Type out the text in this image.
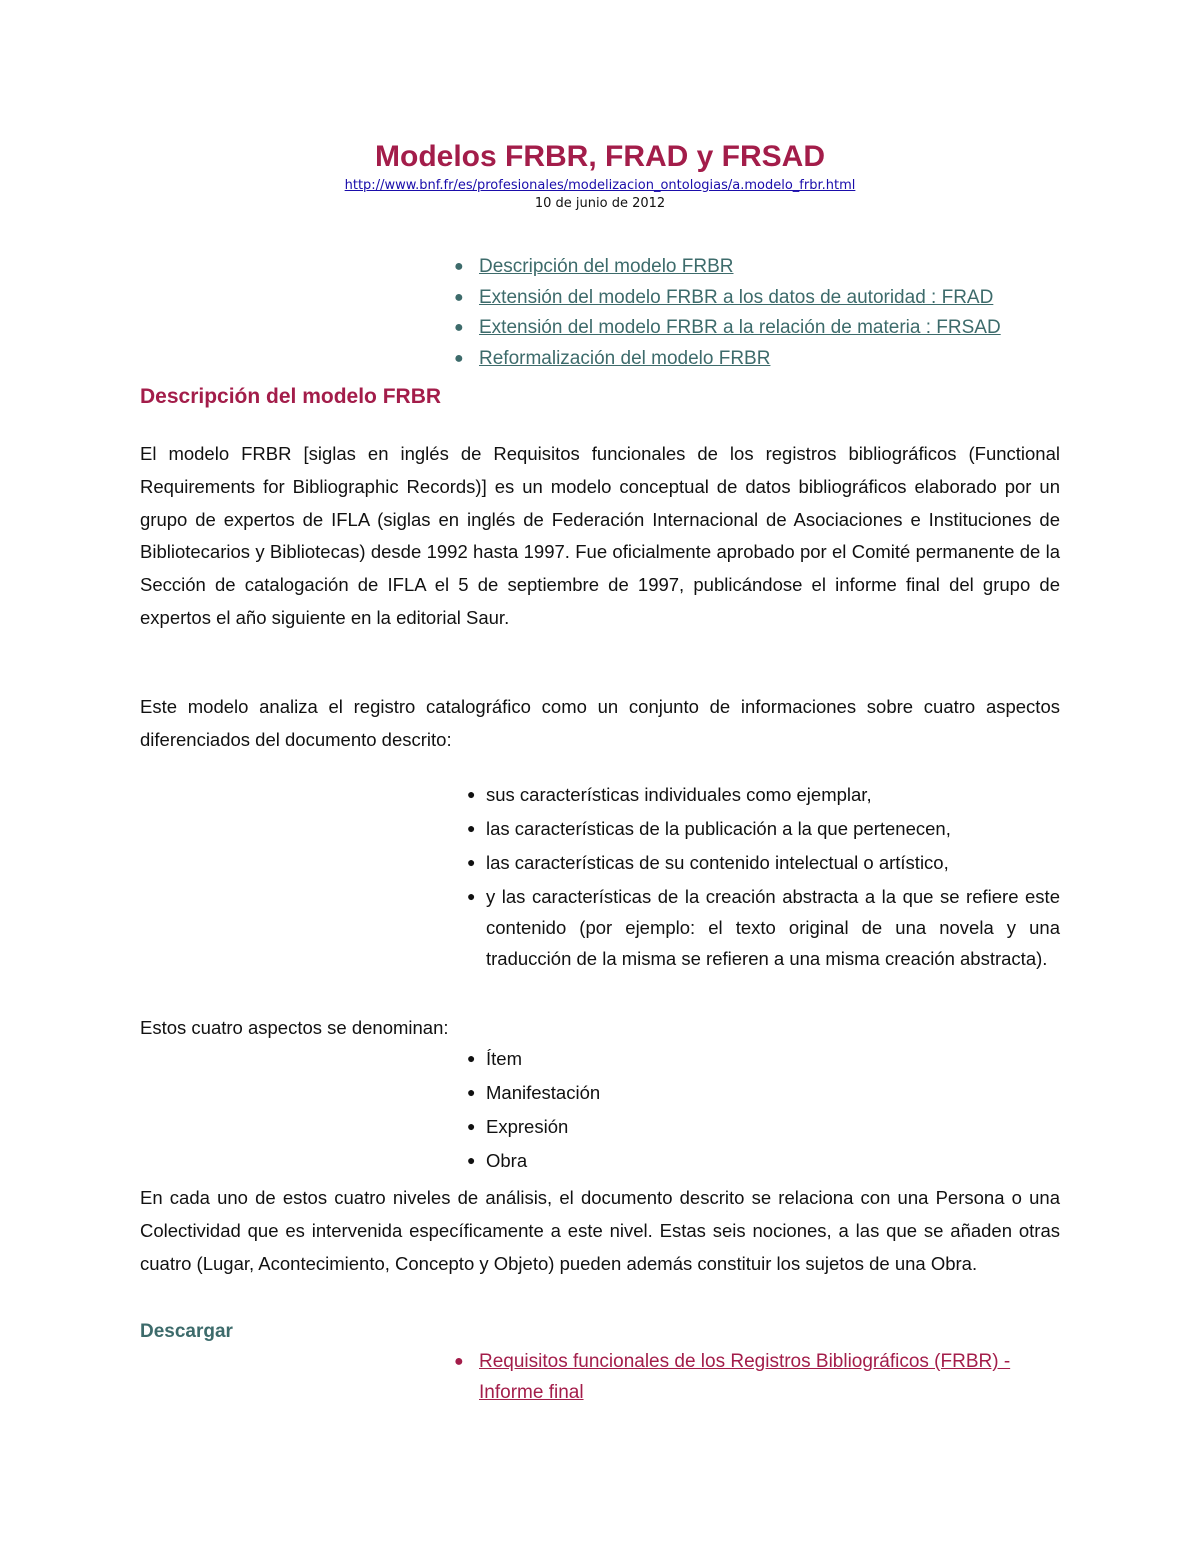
Modelos FRBR, FRAD y FRSAD
http://www.bnf.fr/es/profesionales/modelizacion_ontologias/a.modelo_frbr.html
10 de junio de 2012
● Descripción del modelo FRBR
● Extensión del modelo FRBR a los datos de autoridad : FRAD
● Extensión del modelo FRBR a la relación de materia : FRSAD
● Reformalización del modelo FRBR
Descripción del modelo FRBR

El modelo FRBR [siglas en inglés de Requisitos funcionales de los registros bibliográficos (Functional Requirements for Bibliographic Records)] es un modelo conceptual de datos bibliográficos elaborado por un grupo de expertos de IFLA (siglas en inglés de Federación Internacional de Asociaciones e Instituciones de Bibliotecarios y Bibliotecas) desde 1992 hasta 1997. Fue oficialmente aprobado por el Comité permanente de la Sección de catalogación de IFLA el 5 de septiembre de 1997, publicándose el informe final del grupo de expertos el año siguiente en la editorial Saur.

Este modelo analiza el registro catalográfico como un conjunto de informaciones sobre cuatro aspectos diferenciados del documento descrito:

● sus características individuales como ejemplar,
● las características de la publicación a la que pertenecen,
● las características de su contenido intelectual o artístico,
● y las características de la creación abstracta a la que se refiere este contenido (por ejemplo: el texto original de una novela y una traducción de la misma se refieren a una misma creación abstracta).

Estos cuatro aspectos se denominan:

● Ítem
● Manifestación
● Expresión
● Obra

En cada uno de estos cuatro niveles de análisis, el documento descrito se relaciona con una Persona o una Colectividad que es intervenida específicamente a este nivel. Estas seis nociones, a las que se añaden otras cuatro (Lugar, Acontecimiento, Concepto y Objeto) pueden además constituir los sujetos de una Obra.

Descargar
● Requisitos funcionales de los Registros Bibliográficos (FRBR) - Informe final
